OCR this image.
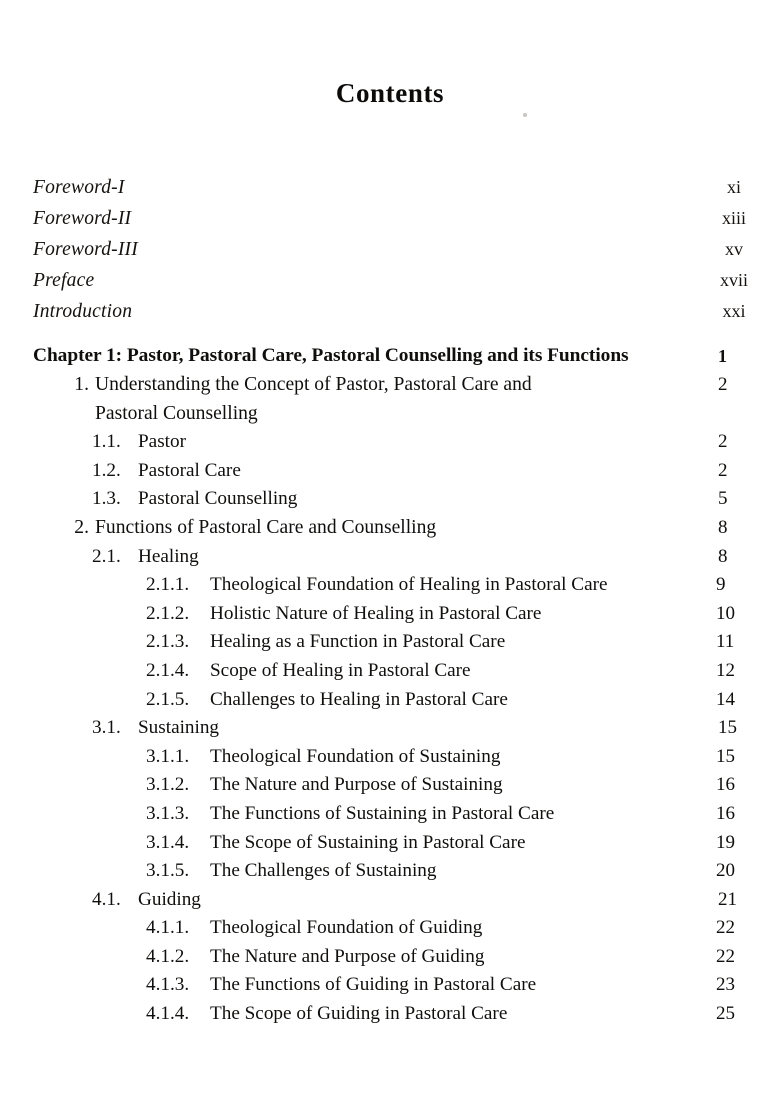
Contents
Foreword-I	xi
Foreword-II	xiii
Foreword-III	xv
Preface	xvii
Introduction	xxi
Chapter 1: Pastor, Pastoral Care, Pastoral Counselling and its Functions	1
1. Understanding the Concept of Pastor, Pastoral Care and	2
Pastoral Counselling
1.1. Pastor	2
1.2. Pastoral Care	2
1.3. Pastoral Counselling	5
2. Functions of Pastoral Care and Counselling	8
2.1. Healing	8
2.1.1.	Theological Foundation of Healing in Pastoral Care	9
2.1.2.	Holistic Nature of Healing in Pastoral Care	10
2.1.3.	Healing as a Function in Pastoral Care	11
2.1.4.	Scope of Healing in Pastoral Care	12
2.1.5.	Challenges to Healing in Pastoral Care	14
3.1. Sustaining	15
3.1.1.	Theological Foundation of Sustaining	15
3.1.2.	The Nature and Purpose of Sustaining	16
3.1.3.	The Functions of Sustaining in Pastoral Care	16
3.1.4.	The Scope of Sustaining in Pastoral Care	19
3.1.5.	The Challenges of Sustaining	20
4.1. Guiding	21
4.1.1.	Theological Foundation of Guiding	22
4.1.2.	The Nature and Purpose of Guiding	22
4.1.3.	The Functions of Guiding in Pastoral Care	23
4.1.4.	The Scope of Guiding in Pastoral Care	25
